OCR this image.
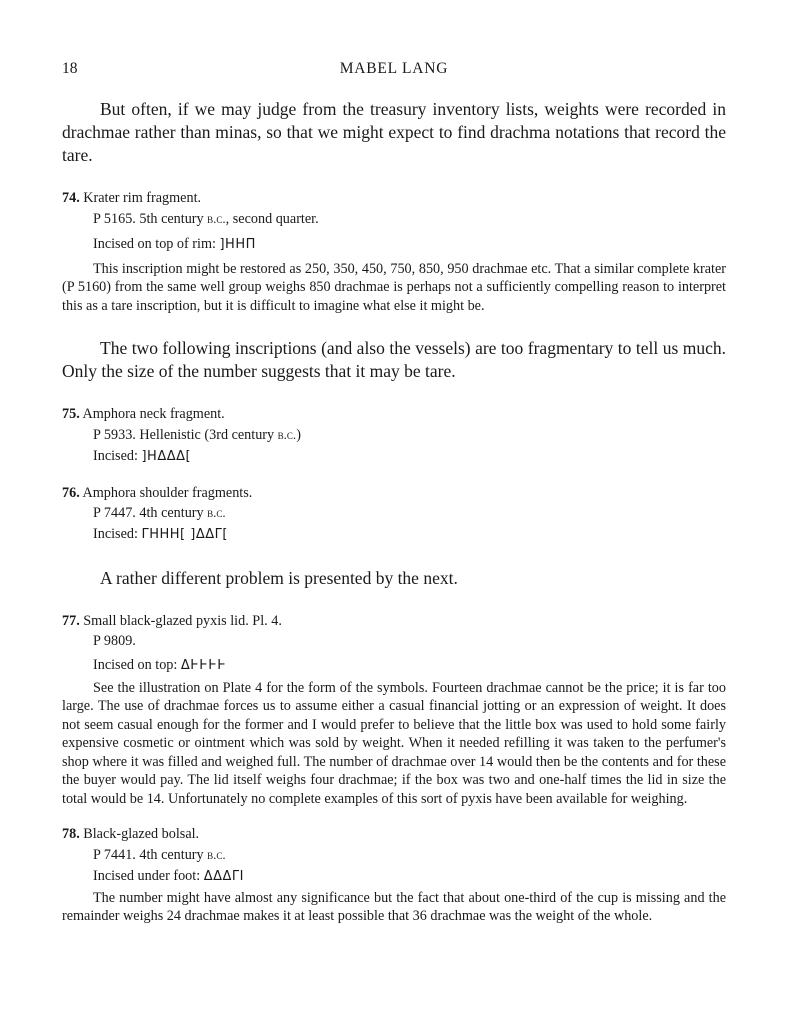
18	MABEL LANG

But often, if we may judge from the treasury inventory lists, weights were recorded in drachmae rather than minas, so that we might expect to find drachma notations that record the tare.

74. Krater rim fragment.
P 5165. 5th century b.c., second quarter.
Incised on top of rim: ]HHΠ

This inscription might be restored as 250, 350, 450, 750, 850, 950 drachmae etc. That a similar complete krater (P 5160) from the same well group weighs 850 drachmae is perhaps not a sufficiently compelling reason to interpret this as a tare inscription, but it is difficult to imagine what else it might be.

The two following inscriptions (and also the vessels) are too fragmentary to tell us much. Only the size of the number suggests that it may be tare.

75. Amphora neck fragment.
P 5933. Hellenistic (3rd century b.c.)
Incised: ]HΔΔΔ[
76. Amphora shoulder fragments.
P 7447. 4th century b.c.
Incised: ΓHHH[ ]ΔΔΓ[

A rather different problem is presented by the next.

77. Small black-glazed pyxis lid. Pl. 4.
P 9809.
Incised on top: ΔⱵⱵⱵⱵ

See the illustration on Plate 4 for the form of the symbols. Fourteen drachmae cannot be the price; it is far too large. The use of drachmae forces us to assume either a casual financial jotting or an expression of weight. It does not seem casual enough for the former and I would prefer to believe that the little box was used to hold some fairly expensive cosmetic or ointment which was sold by weight. When it needed refilling it was taken to the perfumer's shop where it was filled and weighed full. The number of drachmae over 14 would then be the contents and for these the buyer would pay. The lid itself weighs four drachmae; if the box was two and one-half times the lid in size the total would be 14. Unfortunately no complete examples of this sort of pyxis have been available for weighing.

78. Black-glazed bolsal.
P 7441. 4th century b.c.
Incised under foot: ΔΔΔΓΙ

The number might have almost any significance but the fact that about one-third of the cup is missing and the remainder weighs 24 drachmae makes it at least possible that 36 drachmae was the weight of the whole.
